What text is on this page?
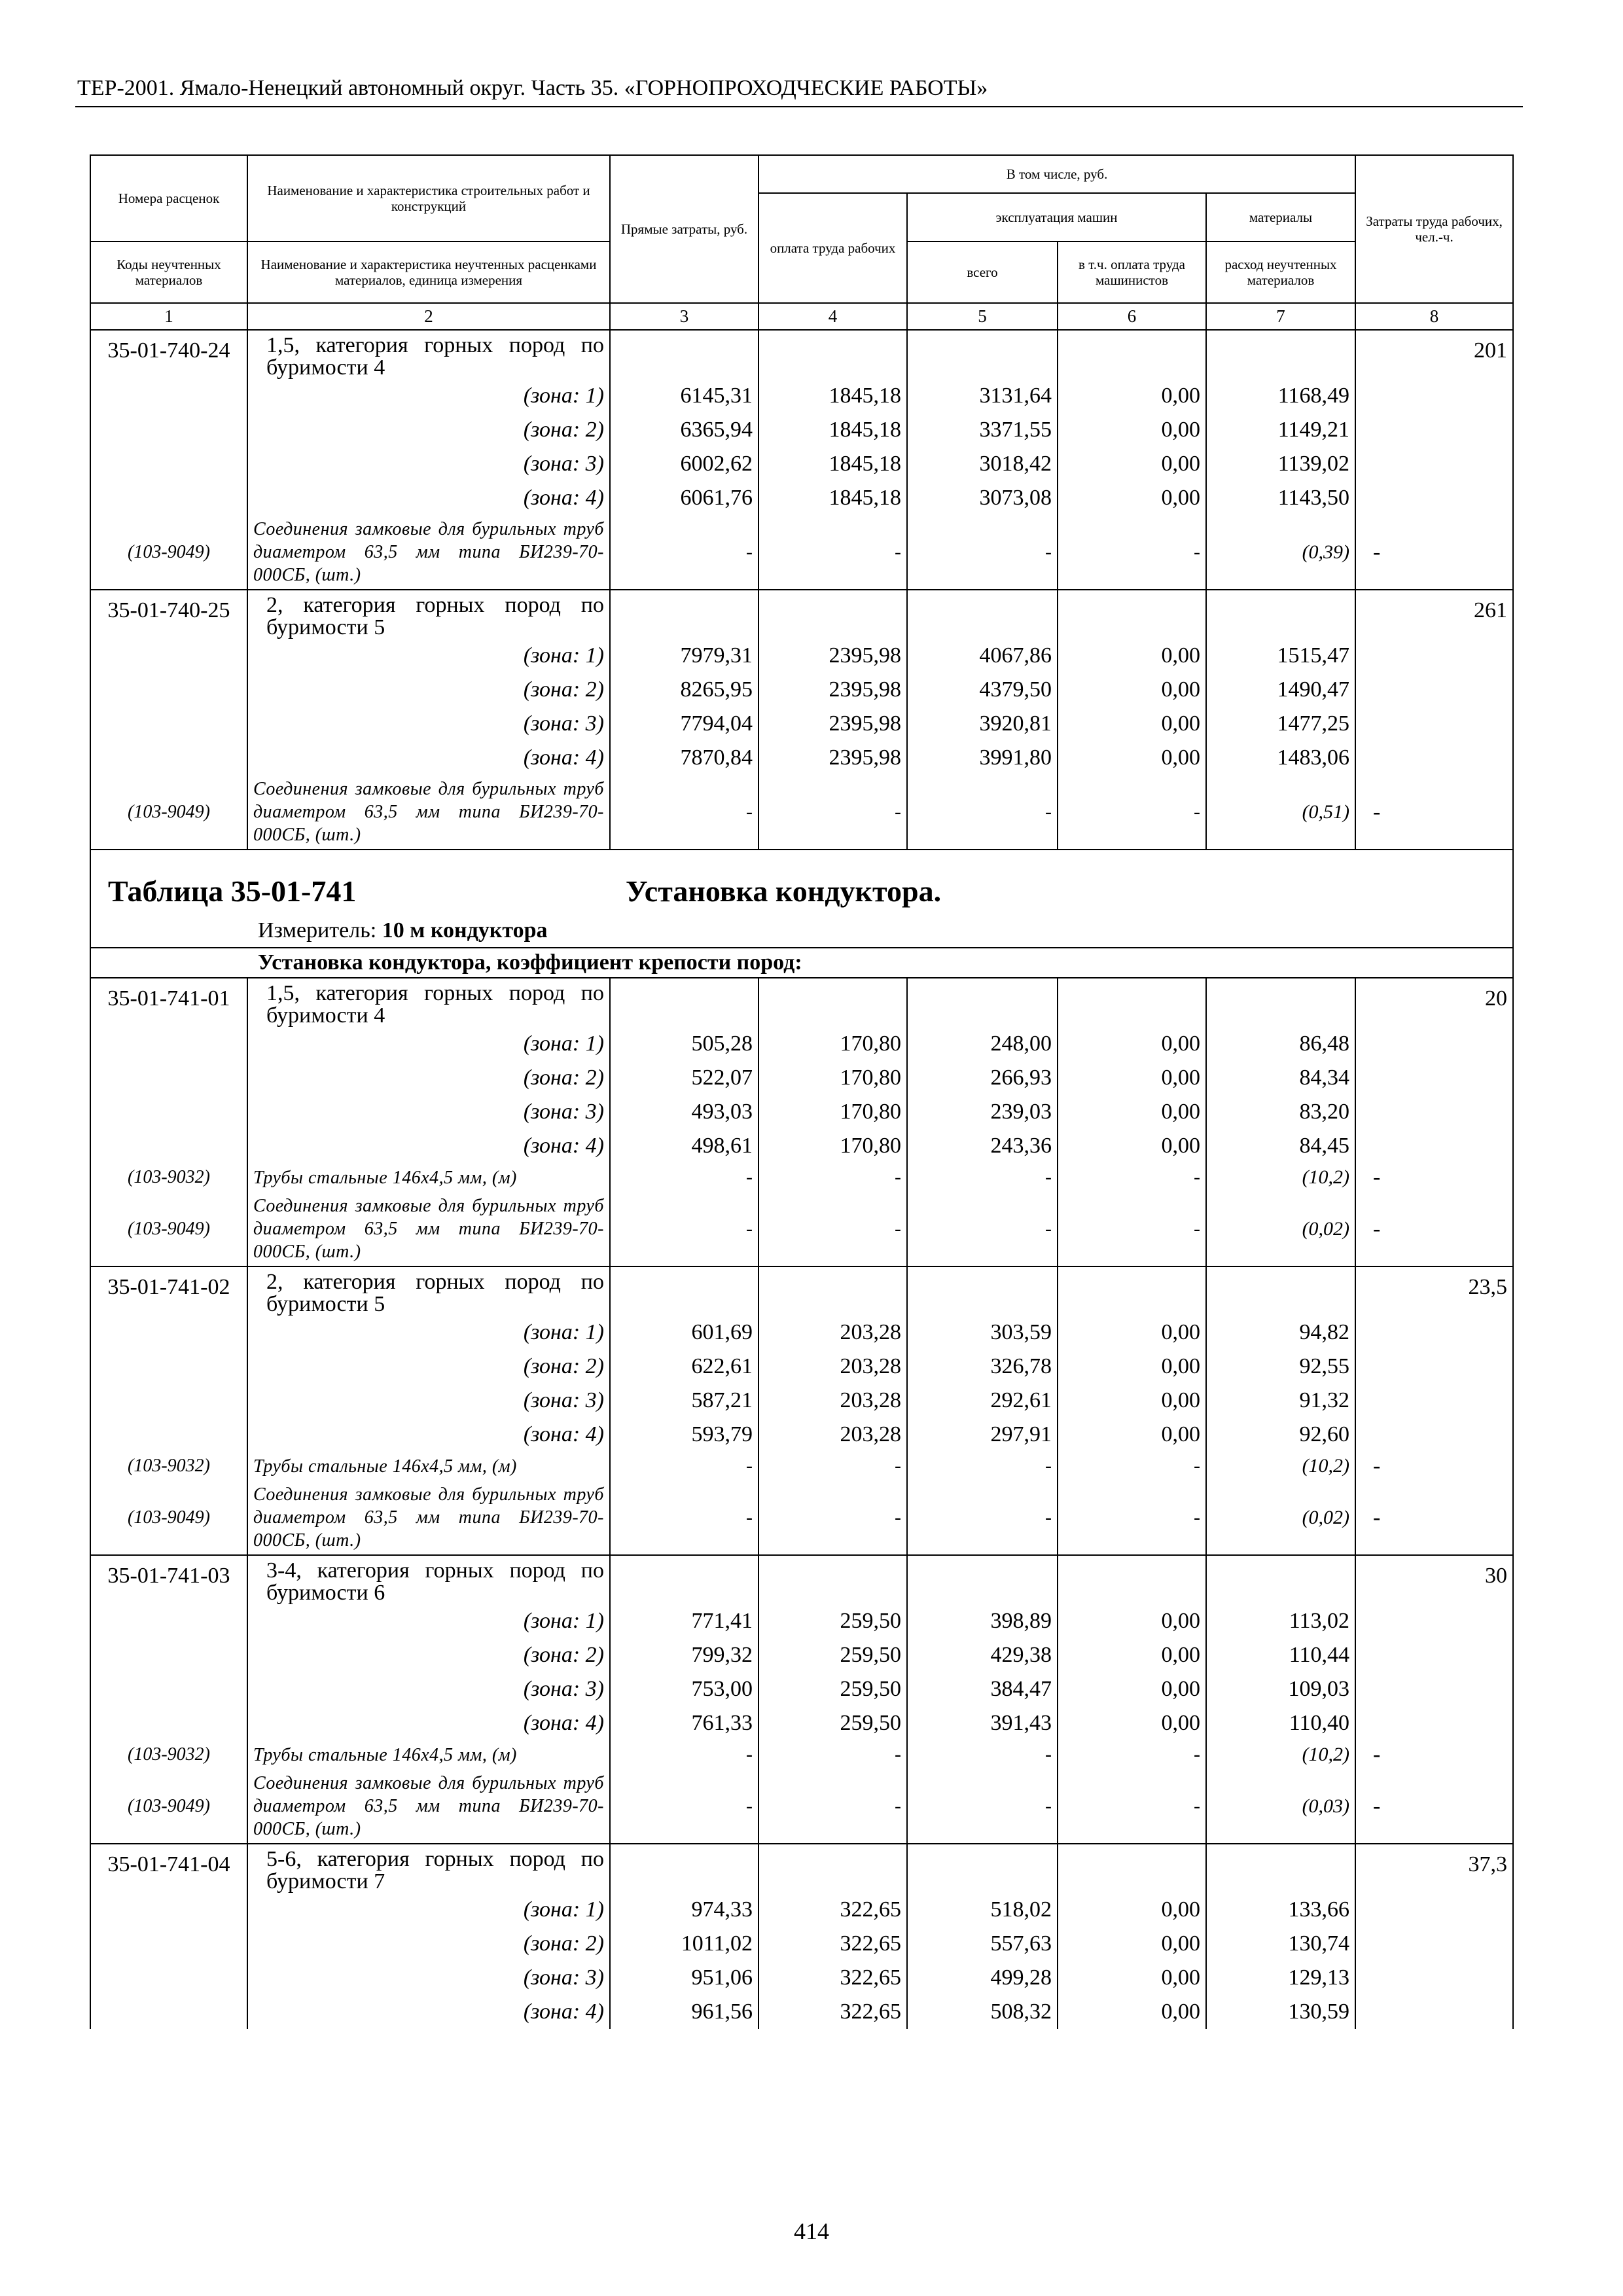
ТЕР-2001. Ямало-Ненецкий автономный округ. Часть 35. «ГОРНОПРОХОДЧЕСКИЕ РАБОТЫ»
Номера расценок	Наименование и характеристика строительных работ и конструкций	Прямые затраты, руб.	В том числе, руб.				Затраты труда рабочих, чел.-ч.
			оплата труда рабочих	эксплуатация машин		материалы	
Коды неучтенных материалов	Наименование и характеристика неучтенных расценками материалов, единица измерения			всего	в т.ч. оплата труда машинистов	расход неучтенных материалов	
1	2	3	4	5	6	7	8
35-01-740-24	1,5, категория горных пород по буримости 4						201
	(зона: 1)	6145,31	1845,18	3131,64	0,00	1168,49	
	(зона: 2)	6365,94	1845,18	3371,55	0,00	1149,21	
	(зона: 3)	6002,62	1845,18	3018,42	0,00	1139,02	
	(зона: 4)	6061,76	1845,18	3073,08	0,00	1143,50	
(103-9049)	Соединения замковые для бурильных труб диаметром 63,5 мм типа БИ239-70-000СБ, (шт.)	-	-	-	-	(0,39)	-
35-01-740-25	2, категория горных пород по буримости 5						261
	(зона: 1)	7979,31	2395,98	4067,86	0,00	1515,47	
	(зона: 2)	8265,95	2395,98	4379,50	0,00	1490,47	
	(зона: 3)	7794,04	2395,98	3920,81	0,00	1477,25	
	(зона: 4)	7870,84	2395,98	3991,80	0,00	1483,06	
(103-9049)	Соединения замковые для бурильных труб диаметром 63,5 мм типа БИ239-70-000СБ, (шт.)	-	-	-	-	(0,51)	-

Таблица 35-01-741 Установка кондуктора.
Измеритель: 10 м кондуктора							

Установка кондуктора, коэффициент крепости пород:							
35-01-741-01	1,5, категория горных пород по буримости 4						20
	(зона: 1)	505,28	170,80	248,00	0,00	86,48	
	(зона: 2)	522,07	170,80	266,93	0,00	84,34	
	(зона: 3)	493,03	170,80	239,03	0,00	83,20	
	(зона: 4)	498,61	170,80	243,36	0,00	84,45	
(103-9032)	Трубы стальные 146х4,5 мм, (м)	-	-	-	-	(10,2)	-
(103-9049)	Соединения замковые для бурильных труб диаметром 63,5 мм типа БИ239-70-000СБ, (шт.)	-	-	-	-	(0,02)	-
35-01-741-02	2, категория горных пород по буримости 5						23,5
	(зона: 1)	601,69	203,28	303,59	0,00	94,82	
	(зона: 2)	622,61	203,28	326,78	0,00	92,55	
	(зона: 3)	587,21	203,28	292,61	0,00	91,32	
	(зона: 4)	593,79	203,28	297,91	0,00	92,60	
(103-9032)	Трубы стальные 146х4,5 мм, (м)	-	-	-	-	(10,2)	-
(103-9049)	Соединения замковые для бурильных труб диаметром 63,5 мм типа БИ239-70-000СБ, (шт.)	-	-	-	-	(0,02)	-
35-01-741-03	3-4, категория горных пород по буримости 6						30
	(зона: 1)	771,41	259,50	398,89	0,00	113,02	
	(зона: 2)	799,32	259,50	429,38	0,00	110,44	
	(зона: 3)	753,00	259,50	384,47	0,00	109,03	
	(зона: 4)	761,33	259,50	391,43	0,00	110,40	
(103-9032)	Трубы стальные 146х4,5 мм, (м)	-	-	-	-	(10,2)	-
(103-9049)	Соединения замковые для бурильных труб диаметром 63,5 мм типа БИ239-70-000СБ, (шт.)	-	-	-	-	(0,03)	-
35-01-741-04	5-6, категория горных пород по буримости 7						37,3
	(зона: 1)	974,33	322,65	518,02	0,00	133,66	
	(зона: 2)	1011,02	322,65	557,63	0,00	130,74	
	(зона: 3)	951,06	322,65	499,28	0,00	129,13	
	(зона: 4)	961,56	322,65	508,32	0,00	130,59	
414
